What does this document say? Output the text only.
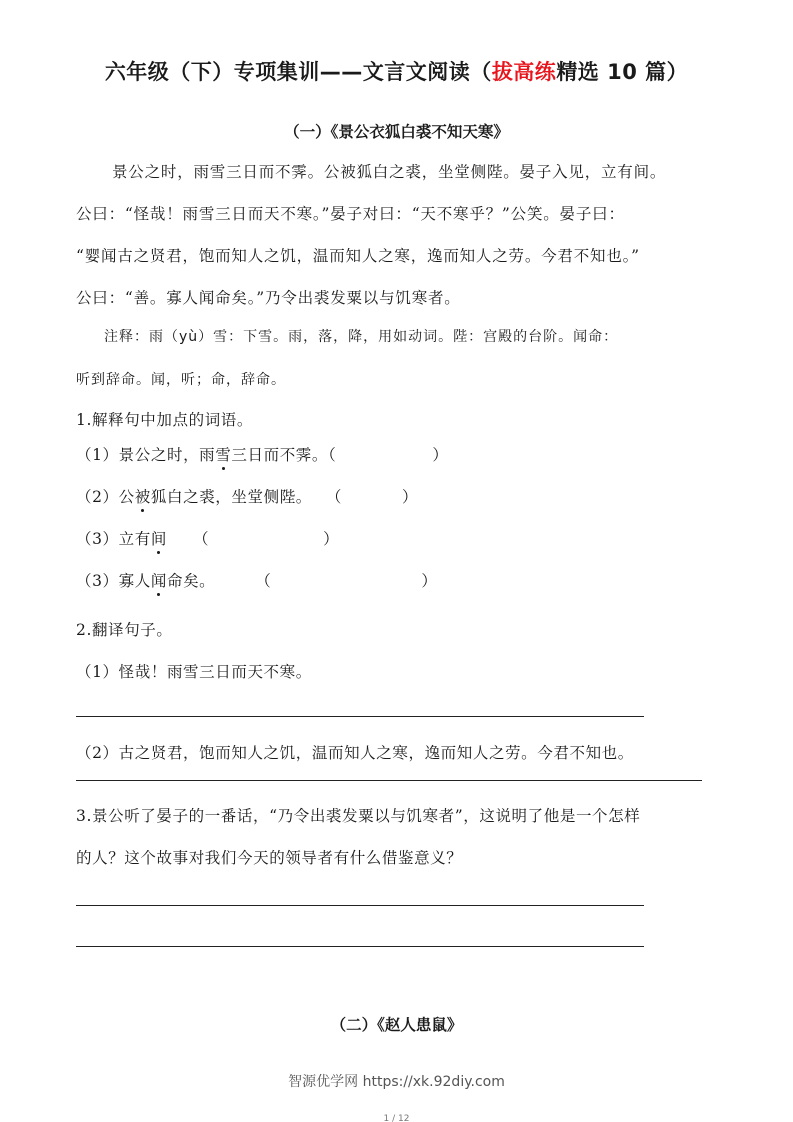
六年级（下）专项集训——文言文阅读（拔高练精选 10 篇）
（一）《景公衣狐白裘不知天寒》
景公之时，雨雪三日而不霁。公被狐白之裘，坐堂侧陛。晏子入见，立有间。
公曰：“怪哉！雨雪三日而天不寒。”晏子对曰：“天不寒乎？”公笑。晏子曰：
“婴闻古之贤君，饱而知人之饥，温而知人之寒，逸而知人之劳。今君不知也。”
公曰：“善。寡人闻命矣。”乃令出裘发粟以与饥寒者。
注释：雨（yù）雪：下雪。雨，落，降，用如动词。陛：宫殿的台阶。闻命：
听到辞命。闻，听；命，辞命。
1.解释句中加点的词语。
（1）景公之时，雨雪三日而不霁。（	）
（2）公被狐白之裘，坐堂侧陛。 （	）
（3）立有间 （	）
（3）寡人闻命矣。	（	）
2.翻译句子。
（1）怪哉！雨雪三日而天不寒。
（2）古之贤君，饱而知人之饥，温而知人之寒，逸而知人之劳。今君不知也。
3.景公听了晏子的一番话，“乃令出裘发粟以与饥寒者”，这说明了他是一个怎样
的人？这个故事对我们今天的领导者有什么借鉴意义？
（二）《赵人患鼠》
智源优学网 https://xk.92diy.com
1 / 12
